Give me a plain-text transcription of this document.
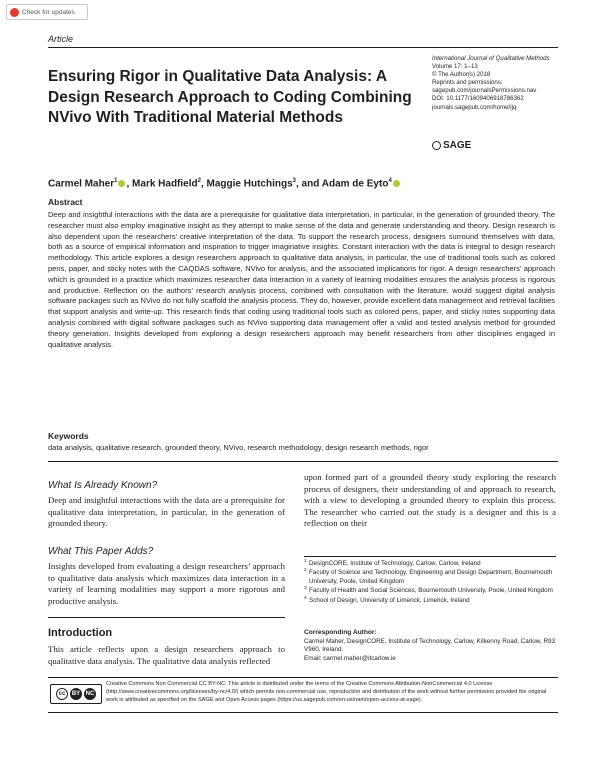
Check for updates
Article
Ensuring Rigor in Qualitative Data Analysis: A Design Research Approach to Coding Combining NVivo With Traditional Material Methods
International Journal of Qualitative Methods
Volume 17: 1–13
© The Author(s) 2018
Reprints and permissions:
sagepub.com/journalsPermissions.nav
DOI: 10.1177/1609406918786362
journals.sagepub.com/home/ijq
SAGE
Carmel Maher$^1$ , Mark Hadfield$^2$, Maggie Hutchings$^3$, and Adam de Eyto$^4$
Abstract
Deep and insightful interactions with the data are a prerequisite for qualitative data interpretation, in particular, in the generation of grounded theory. The researcher must also employ imaginative insight as they attempt to make sense of the data and generate understanding and theory. Design research is also dependent upon the researchers’ creative interpretation of the data. To support the research process, designers surround themselves with data, both as a source of empirical information and inspiration to trigger imaginative insights. Constant interaction with the data is integral to design research methodology. This article explores a design researchers approach to qualitative data analysis, in particular, the use of traditional tools such as colored pens, paper, and sticky notes with the CAQDAS software, NVivo for analysis, and the associated implications for rigor. A design researchers’ approach which is grounded in a practice which maximizes researcher data interaction in a variety of learning modalities ensures the analysis process is rigorous and productive. Reflection on the authors’ research analysis process, combined with consultation with the literature, would suggest digital analysis software packages such as NVivo do not fully scaffold the analysis process. They do, however, provide excellent data management and retrieval facilities that support analysis and write-up. This research finds that coding using traditional tools such as colored pens, paper, and sticky notes supporting data analysis combined with digital software packages such as NVivo supporting data management offer a valid and tested analysis method for grounded theory generation. Insights developed from exploring a design researchers approach may benefit researchers from other disciplines engaged in qualitative analysis.
Keywords
data analysis, qualitative research, grounded theory, NVivo, research methodology, design research methods, rigor
What Is Already Known?
Deep and insightful interactions with the data are a prerequisite for qualitative data interpretation, in particular, in the generation of grounded theory.
What This Paper Adds?
Insights developed from evaluating a design researchers’ approach to qualitative data analysis which maximizes data interaction in a variety of learning modalities may support a more rigorous and productive analysis.
Introduction
This article reflects upon a design researchers approach to qualitative data analysis. The qualitative data analysis reflected
upon formed part of a grounded theory study exploring the research process of designers, their understanding of and approach to research, with a view to developing a grounded theory to explain this process. The researcher who carried out the study is a designer and this is a reflection on their
1 DesignCORE, Institute of Technology, Carlow, Carlow, Ireland
2 Faculty of Science and Technology, Engineering and Design Department, Bournemouth University, Poole, United Kingdom
3 Faculty of Health and Social Sciences, Bournemouth University, Poole, United Kingdom
4 School of Design, University of Limerick, Limerick, Ireland
Corresponding Author:
Carmel Maher, DesignCORE, Institute of Technology, Carlow, Kilkenny Road, Carlow, R93 V960, Ireland.
Email: carmel.maher@itcarlow.ie
cc	BY NC
Creative Commons Non Commercial CC BY-NC: This article is distributed under the terms of the Creative Commons Attribution-NonCommercial 4.0 License (http://www.creativecommons.org/licenses/by-nc/4.0/) which permits non-commercial use, reproduction and distribution of the work without further permission provided the original work is attributed as specified on the SAGE and Open Access pages (https://us.sagepub.com/en-us/nam/open-access-at-sage).
